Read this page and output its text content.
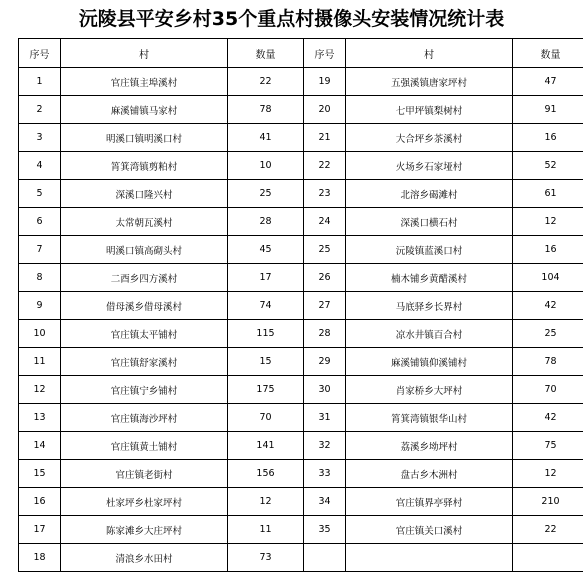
沅陵县平安乡村35个重点村摄像头安装情况统计表
序号	村	数量	序号	村	数量
1	官庄镇主埠溪村	22	19	五强溪镇唐家坪村	47
2	麻溪铺镇马家村	78	20	七甲坪镇梨树村	91
3	明溪口镇明溪口村	41	21	大合坪乡茶溪村	16
4	筲箕湾镇剪粕村	10	22	火场乡石家垭村	52
5	深溪口隆兴村	25	23	北溶乡碣滩村	61
6	太常朝瓦溪村	28	24	深溪口横石村	12
7	明溪口镇高砌头村	45	25	沅陵镇蓝溪口村	16
8	二酉乡四方溪村	17	26	楠木铺乡黄醋溪村	104
9	借母溪乡借母溪村	74	27	马底驿乡长界村	42
10	官庄镇太平铺村	115	28	凉水井镇百合村	25
11	官庄镇舒家溪村	15	29	麻溪铺镇仰溪铺村	78
12	官庄镇宁乡铺村	175	30	肖家桥乡大坪村	70
13	官庄镇海沙坪村	70	31	筲箕湾镇银华山村	42
14	官庄镇黄土铺村	141	32	荔溪乡坳坪村	75
15	官庄镇老街村	156	33	盘古乡木洲村	12
16	杜家坪乡杜家坪村	12	34	官庄镇界亭驿村	210
17	陈家滩乡大庄坪村	11	35	官庄镇关口溪村	22
18	清浪乡水田村	73			
